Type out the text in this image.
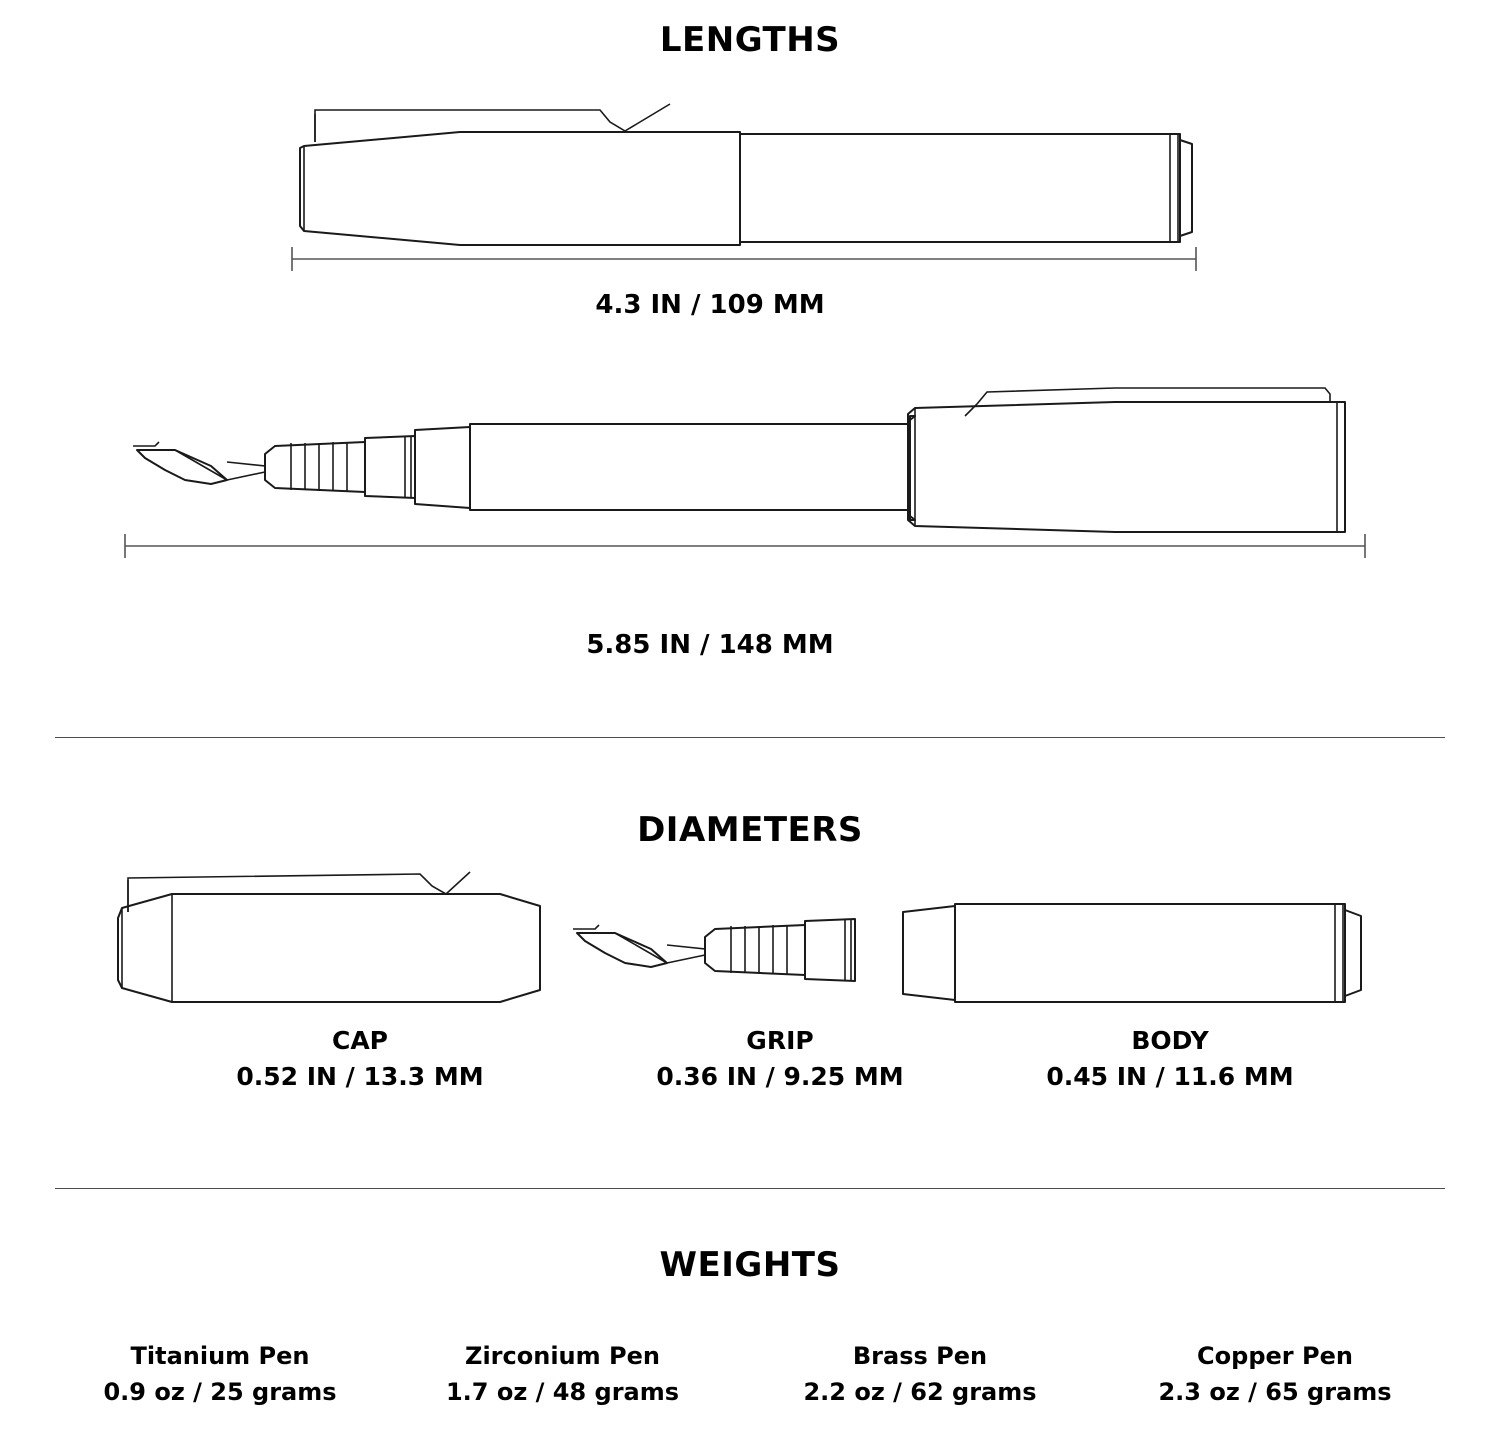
LENGTHS
4.3 IN / 109 MM
5.85 IN / 148 MM
DIAMETERS
CAP
0.52 IN / 13.3 MM
GRIP
0.36 IN / 9.25 MM
BODY
0.45 IN / 11.6 MM
WEIGHTS
Titanium Pen
0.9 oz / 25 grams
Zirconium Pen
1.7 oz / 48 grams
Brass Pen
2.2 oz / 62 grams
Copper Pen
2.3 oz / 65 grams
